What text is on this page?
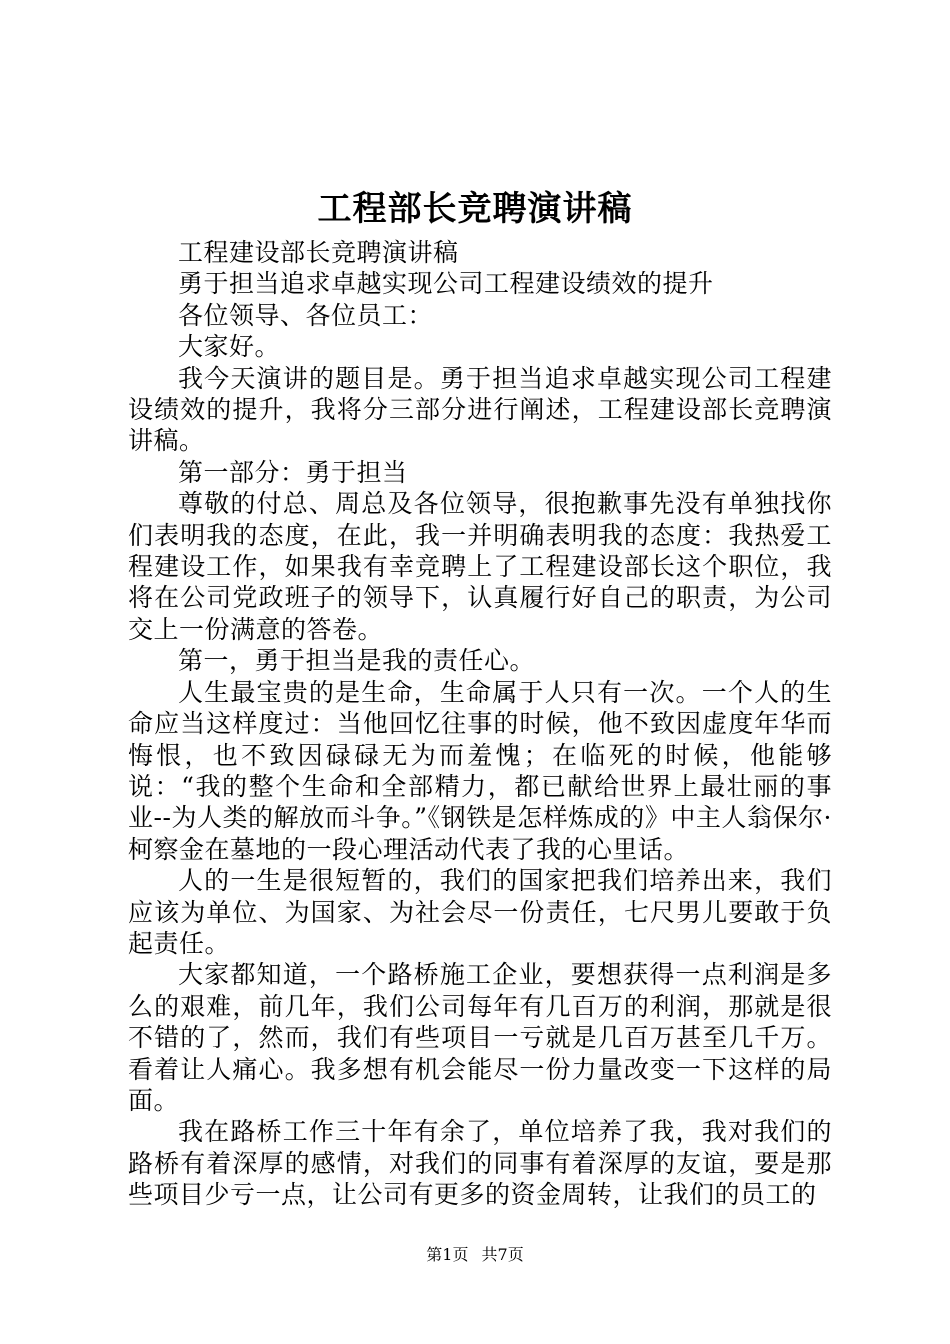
工程部长竞聘演讲稿

工程建设部长竞聘演讲稿

勇于担当追求卓越实现公司工程建设绩效的提升

各位领导、各位员工：

大家好。

我今天演讲的题目是。勇于担当追求卓越实现公司工程建设绩效的提升，我将分三部分进行阐述，工程建设部长竞聘演讲稿。

第一部分：勇于担当

尊敬的付总、周总及各位领导，很抱歉事先没有单独找你们表明我的态度，在此，我一并明确表明我的态度：我热爱工程建设工作，如果我有幸竞聘上了工程建设部长这个职位，我将在公司党政班子的领导下，认真履行好自己的职责，为公司交上一份满意的答卷。

第一，勇于担当是我的责任心。

人生最宝贵的是生命，生命属于人只有一次。一个人的生命应当这样度过：当他回忆往事的时候，他不致因虚度年华而悔恨，也不致因碌碌无为而羞愧；在临死的时候，他能够说：“我的整个生命和全部精力，都已献给世界上最壮丽的事业--为人类的解放而斗争。”《钢铁是怎样炼成的》中主人翁保尔·柯察金在墓地的一段心理活动代表了我的心里话。

人的一生是很短暂的，我们的国家把我们培养出来，我们应该为单位、为国家、为社会尽一份责任，七尺男儿要敢于负起责任。

大家都知道，一个路桥施工企业，要想获得一点利润是多么的艰难，前几年，我们公司每年有几百万的利润，那就是很不错的了，然而，我们有些项目一亏就是几百万甚至几千万。看着让人痛心。我多想有机会能尽一份力量改变一下这样的局面。

我在路桥工作三十年有余了，单位培养了我，我对我们的路桥有着深厚的感情，对我们的同事有着深厚的友谊，要是那些项目少亏一点，让公司有更多的资金周转，让我们的员工的

第1页 共7页
